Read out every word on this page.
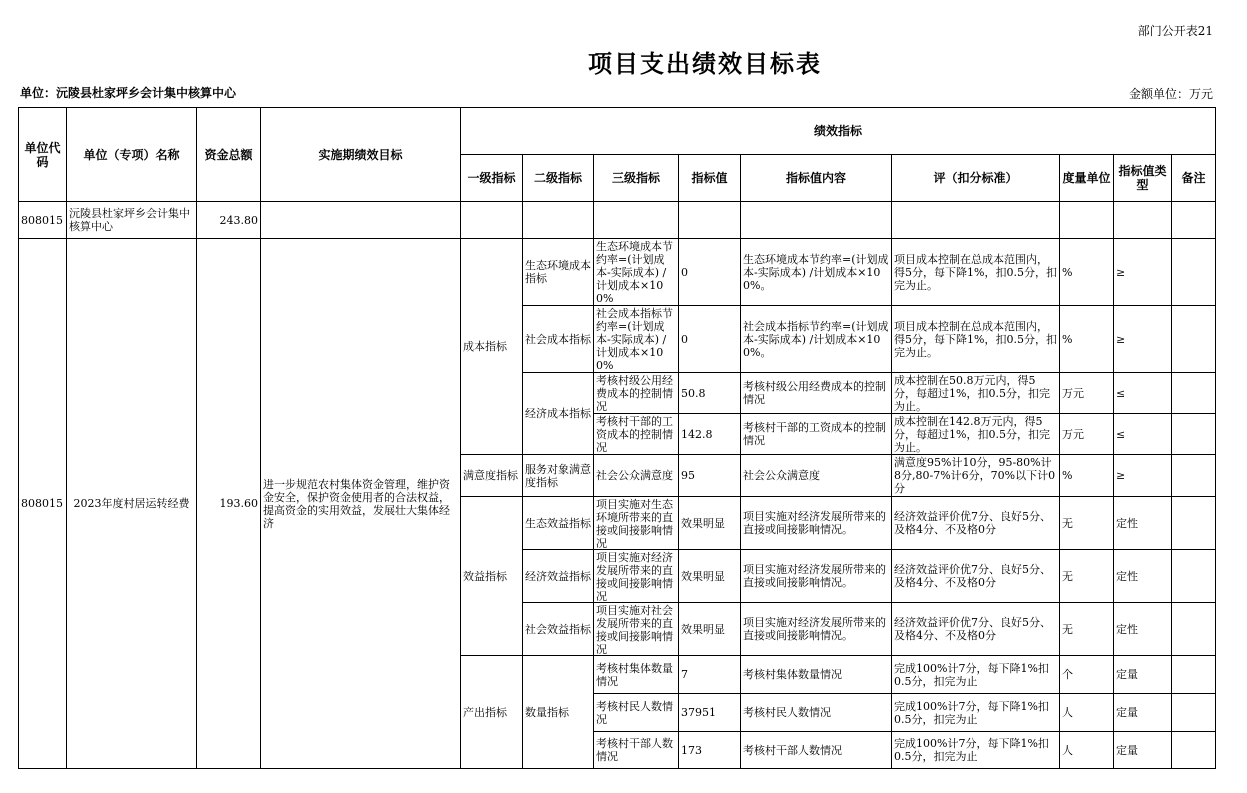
部门公开表21
项目支出绩效目标表
单位：沅陵县杜家坪乡会计集中核算中心	金额单位：万元
单位代码	单位（专项）名称	资金总额	实施期绩效目标	绩效指标								
				一级指标	二级指标	三级指标	指标值	指标值内容	评（扣分标准）	度量单位	指标值类型	备注
808015	沅陵县杜家坪乡会计集中核算中心	243.80										
808015	2023年度村居运转经费	193.60	进一步规范农村集体资金管理，维护资金安全，保护资金使用者的合法权益，提高资金的实用效益，发展壮大集体经济	成本指标	生态环境成本指标	生态环境成本节约率=(计划成本-实际成本) /计划成本×100%	0	生态环境成本节约率=(计划成本-实际成本) /计划成本×100%。	项目成本控制在总成本范围内，得5分，每下降1%，扣0.5分，扣完为止。	%	≥	
					社会成本指标	社会成本指标节约率=(计划成本-实际成本) /计划成本×100%	0	社会成本指标节约率=(计划成本-实际成本) /计划成本×100%。	项目成本控制在总成本范围内，得5分，每下降1%，扣0.5分，扣完为止。	%	≥	
					经济成本指标	考核村级公用经费成本的控制情况	50.8	考核村级公用经费成本的控制情况	成本控制在50.8万元内，得5分，每超过1%，扣0.5分，扣完为止。	万元	≤	

						考核村干部的工资成本的控制情况	142.8	考核村干部的工资成本的控制情况	成本控制在142.8万元内，得5分，每超过1%，扣0.5分，扣完为止。	万元	≤	
				满意度指标	服务对象满意度指标	社会公众满意度	95	社会公众满意度	满意度95%计10分，95-80%计8分,80-7%计6分，70%以下计0分	%	≥	
				效益指标	生态效益指标	项目实施对生态环境所带来的直接或间接影响情况	效果明显	项目实施对经济发展所带来的直接或间接影响情况。	经济效益评价优7分、良好5分、及格4分、不及格0分	无	定性	
					经济效益指标	项目实施对经济发展所带来的直接或间接影响情况	效果明显	项目实施对经济发展所带来的直接或间接影响情况。	经济效益评价优7分、良好5分、及格4分、不及格0分	无	定性	
					社会效益指标	项目实施对社会发展所带来的直接或间接影响情况	效果明显	项目实施对经济发展所带来的直接或间接影响情况。	经济效益评价优7分、良好5分、及格4分、不及格0分	无	定性	
				产出指标	数量指标	考核村集体数量情况	7	考核村集体数量情况	完成100%计7分，每下降1%扣0.5分，扣完为止	个	定量	
						考核村民人数情况	37951	考核村民人数情况	完成100%计7分，每下降1%扣0.5分，扣完为止	人	定量	
						考核村干部人数情况	173	考核村干部人数情况	完成100%计7分，每下降1%扣0.5分，扣完为止	人	定量	
